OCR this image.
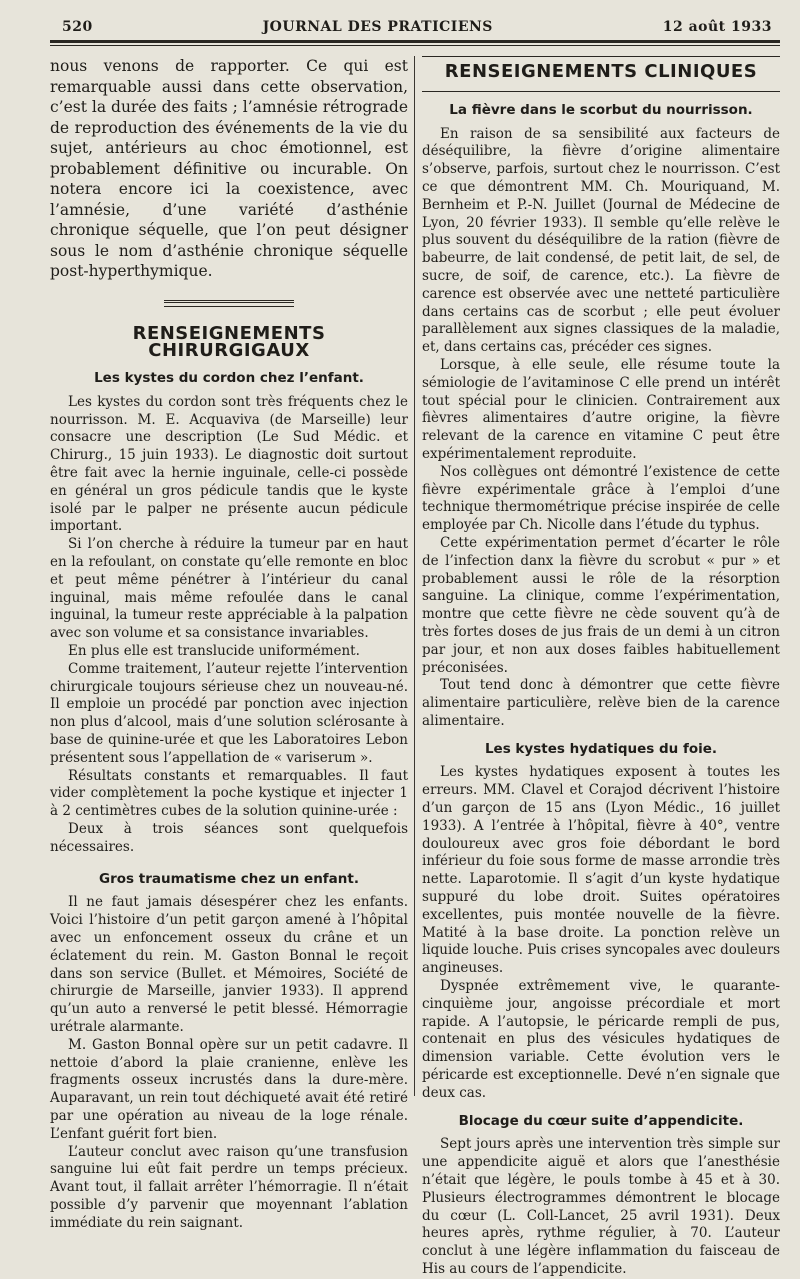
520	JOURNAL DES PRATICIENS	12 août 1933

nous venons de rapporter. Ce qui est remarquable aussi dans cette observation, c’est la durée des faits ; l’amnésie rétrograde de reproduction des événements de la vie du sujet, antérieurs au choc émotionnel, est probablement définitive ou incurable. On notera encore ici la coexistence, avec l’amnésie, d’une variété d’asthénie chronique séquelle, que l’on peut désigner sous le nom d’asthénie chronique séquelle post-hyperthymique.

RENSEIGNEMENTS CHIRURGIGAUX
Les kystes du cordon chez l’enfant.

Les kystes du cordon sont très fréquents chez le nourrisson. M. E. Acquaviva (de Marseille) leur consacre une description (Le Sud Médic. et Chirurg., 15 juin 1933). Le diagnostic doit surtout être fait avec la hernie inguinale, celle-ci possède en général un gros pédicule tandis que le kyste isolé par le palper ne présente aucun pédicule important.

Si l’on cherche à réduire la tumeur par en haut en la refoulant, on constate qu’elle remonte en bloc et peut même pénétrer à l’intérieur du canal inguinal, mais même refoulée dans le canal inguinal, la tumeur reste appréciable à la palpation avec son volume et sa consistance invariables.

En plus elle est translucide uniformément.

Comme traitement, l’auteur rejette l’intervention chirurgicale toujours sérieuse chez un nouveau-né. Il emploie un procédé par ponction avec injection non plus d’alcool, mais d’une solution sclérosante à base de quinine-urée et que les Laboratoires Lebon présentent sous l’appellation de « variserum ».

Résultats constants et remarquables. Il faut vider complètement la poche kystique et injecter 1 à 2 centimètres cubes de la solution quinine-urée :

Deux à trois séances sont quelquefois nécessaires.

Gros traumatisme chez un enfant.

Il ne faut jamais désespérer chez les enfants. Voici l’histoire d’un petit garçon amené à l’hôpital avec un enfoncement osseux du crâne et un éclatement du rein. M. Gaston Bonnal le reçoit dans son service (Bullet. et Mémoires, Société de chirurgie de Marseille, janvier 1933). Il apprend qu’un auto a renversé le petit blessé. Hémorragie urétrale alarmante.

M. Gaston Bonnal opère sur un petit cadavre. Il nettoie d’abord la plaie cranienne, enlève les fragments osseux incrustés dans la dure-mère. Auparavant, un rein tout déchiqueté avait été retiré par une opération au niveau de la loge rénale. L’enfant guérit fort bien.

L’auteur conclut avec raison qu’une transfusion sanguine lui eût fait perdre un temps précieux. Avant tout, il fallait arrêter l’hémorragie. Il n’était possible d’y parvenir que moyennant l’ablation immédiate du rein saignant.

RENSEIGNEMENTS CLINIQUES
La fièvre dans le scorbut du nourrisson.

En raison de sa sensibilité aux facteurs de déséquilibre, la fièvre d’origine alimentaire s’observe, parfois, surtout chez le nourrisson. C’est ce que démontrent MM. Ch. Mouriquand, M. Bernheim et P.-N. Juillet (Journal de Médecine de Lyon, 20 février 1933). Il semble qu’elle relève le plus souvent du déséquilibre de la ration (fièvre de babeurre, de lait condensé, de petit lait, de sel, de sucre, de soif, de carence, etc.). La fièvre de carence est observée avec une netteté particulière dans certains cas de scorbut ; elle peut évoluer parallèlement aux signes classiques de la maladie, et, dans certains cas, précéder ces signes.

Lorsque, à elle seule, elle résume toute la sémiologie de l’avitaminose C elle prend un intérêt tout spécial pour le clinicien. Contrairement aux fièvres alimentaires d’autre origine, la fièvre relevant de la carence en vitamine C peut être expérimentalement reproduite.

Nos collègues ont démontré l’existence de cette fièvre expérimentale grâce à l’emploi d’une technique thermométrique précise inspirée de celle employée par Ch. Nicolle dans l’étude du typhus.

Cette expérimentation permet d’écarter le rôle de l’infection danx la fièvre du scrobut « pur » et probablement aussi le rôle de la résorption sanguine. La clinique, comme l’expérimentation, montre que cette fièvre ne cède souvent qu’à de très fortes doses de jus frais de un demi à un citron par jour, et non aux doses faibles habituellement préconisées.

Tout tend donc à démontrer que cette fièvre alimentaire particulière, relève bien de la carence alimentaire.

Les kystes hydatiques du foie.

Les kystes hydatiques exposent à toutes les erreurs. MM. Clavel et Corajod décrivent l’histoire d’un garçon de 15 ans (Lyon Médic., 16 juillet 1933). A l’entrée à l’hôpital, fièvre à 40°, ventre douloureux avec gros foie débordant le bord inférieur du foie sous forme de masse arrondie très nette. Laparotomie. Il s’agit d’un kyste hydatique suppuré du lobe droit. Suites opératoires excellentes, puis montée nouvelle de la fièvre. Matité à la base droite. La ponction relève un liquide louche. Puis crises syncopales avec douleurs angineuses.

Dyspnée extrêmement vive, le quarante-cinquième jour, angoisse précordiale et mort rapide. A l’autopsie, le péricarde rempli de pus, contenait en plus des vésicules hydatiques de dimension variable. Cette évolution vers le péricarde est exceptionnelle. Devé n’en signale que deux cas.

Blocage du cœur suite d’appendicite.

Sept jours après une intervention très simple sur une appendicite aiguë et alors que l’anesthésie n’était que légère, le pouls tombe à 45 et à 30. Plusieurs électrogrammes démontrent le blocage du cœur (L. Coll-Lancet, 25 avril 1931). Deux heures après, rythme régulier, à 70. L’auteur conclut à une légère inflammation du faisceau de His au cours de l’appendicite.
